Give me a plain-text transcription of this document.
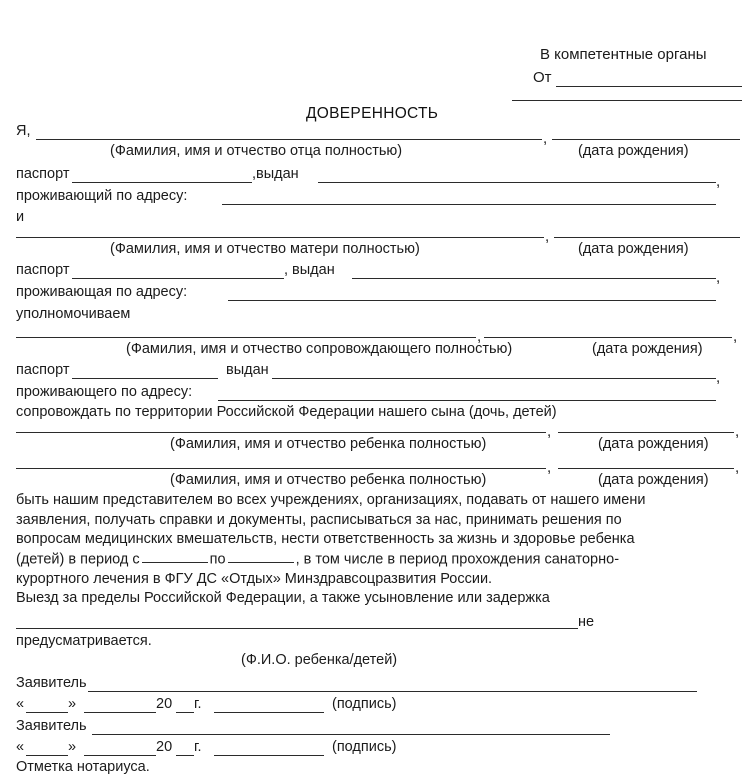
В компетентные органы
От
ДОВЕРЕННОСТЬ
Я,	,
(Фамилия, имя и отчество отца полностью)	(дата рождения)
паспорт	,выдан	,
проживающий по адресу:
и
,
(Фамилия, имя и отчество матери полностью)	(дата рождения)
паспорт	, выдан	,
проживающая по адресу:
уполномочиваем
,	,
(Фамилия, имя и отчество сопровождающего полностью)	(дата рождения)
паспорт	выдан	,
проживающего по адресу:
сопровождать по территории Российской Федерации нашего сына (дочь, детей)
,	,
(Фамилия, имя и отчество ребенка полностью)	(дата рождения)
,	,
(Фамилия, имя и отчество ребенка полностью)	(дата рождения)
быть нашим представителем во всех учреждениях, организациях, подавать от нашего имени
заявления, получать справки и документы, расписываться за нас, принимать решения по
вопросам медицинских вмешательств, нести ответственность за жизнь и здоровье ребенка
(детей) в период с	по	, в том числе в период прохождения санаторно-
курортного лечения в ФГУ ДС «Отдых» Минздравсоцразвития России.
Выезд за пределы Российской Федерации, а также усыновление или задержка
не
предусматривается.
(Ф.И.О. ребенка/детей)
Заявитель
«	»	20 г.	(подпись)
Заявитель
«	»	20 г.	(подпись)
Отметка нотариуса.
